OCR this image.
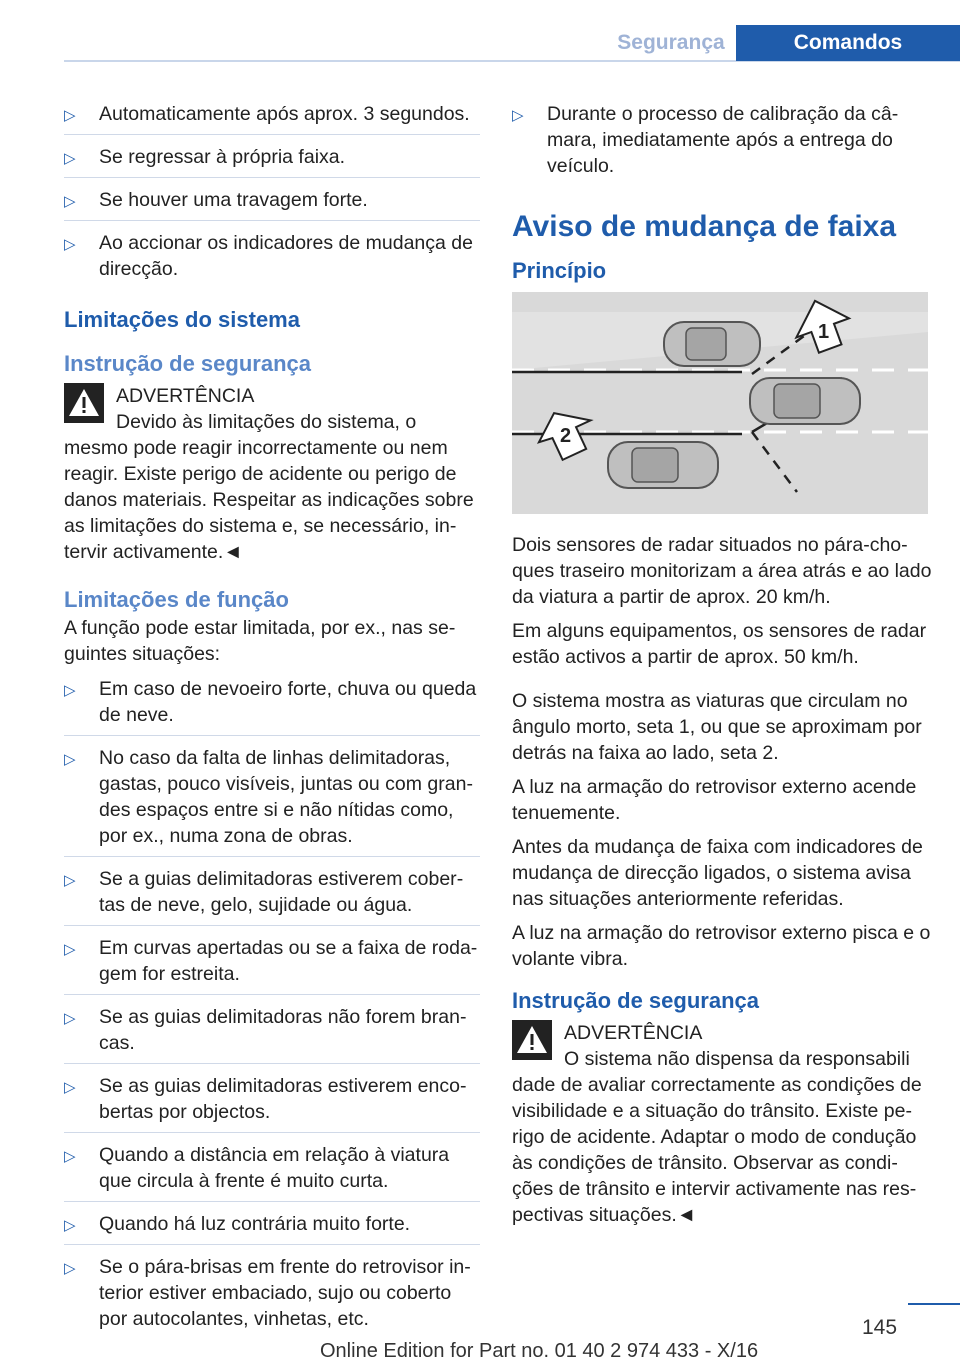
Segurança	Comandos
▷ Automaticamente após aprox. 3 segundos.
▷ Se regressar à própria faixa.
▷ Se houver uma travagem forte.
▷ Ao accionar os indicadores de mudança de direcção.
Limitações do sistema
Instrução de segurança
ADVERTÊNCIA
Devido às limitações do sistema, o
mesmo pode reagir incorrectamente ou nem reagir. Existe perigo de acidente ou perigo de danos materiais. Respeitar as indicações sobre as limitações do sistema e, se necessário, intervir activamente.◄
Limitações de função

A função pode estar limitada, por ex., nas seguintes situações:

▷ Em caso de nevoeiro forte, chuva ou queda de neve.
▷ No caso da falta de linhas delimitadoras, gastas, pouco visíveis, juntas ou com grandes espaços entre si e não nítidas como, por ex., numa zona de obras.
▷ Se a guias delimitadoras estiverem cobertas de neve, gelo, sujidade ou água.
▷ Em curvas apertadas ou se a faixa de rodagem for estreita.
▷ Se as guias delimitadoras não forem brancas.
▷ Se as guias delimitadoras estiverem encobertas por objectos.
▷ Quando a distância em relação à viatura que circula à frente é muito curta.
▷ Quando há luz contrária muito forte.
▷ Se o pára-brisas em frente do retrovisor interior estiver embaciado, sujo ou coberto por autocolantes, vinhetas, etc.
▷ Durante o processo de calibração da câmara, imediatamente após a entrega do veículo.
Aviso de mudança de faixa
Princípio
1
2

Dois sensores de radar situados no pára-choques traseiro monitorizam a área atrás e ao lado da viatura a partir de aprox. 20 km/h.

Em alguns equipamentos, os sensores de radar estão activos a partir de aprox. 50 km/h.

O sistema mostra as viaturas que circulam no ângulo morto, seta 1, ou que se aproximam por detrás na faixa ao lado, seta 2.

A luz na armação do retrovisor externo acende tenuemente.

Antes da mudança de faixa com indicadores de mudança de direcção ligados, o sistema avisa nas situações anteriormente referidas.

A luz na armação do retrovisor externo pisca e o volante vibra.

Instrução de segurança
ADVERTÊNCIA
O sistema não dispensa da responsabili
dade de avaliar correctamente as condições de visibilidade e a situação do trânsito. Existe perigo de acidente. Adaptar o modo de condução às condições de trânsito. Observar as condições de trânsito e intervir activamente nas respectivas situações.◄
145
Online Edition for Part no. 01 40 2 974 433 - X/16
